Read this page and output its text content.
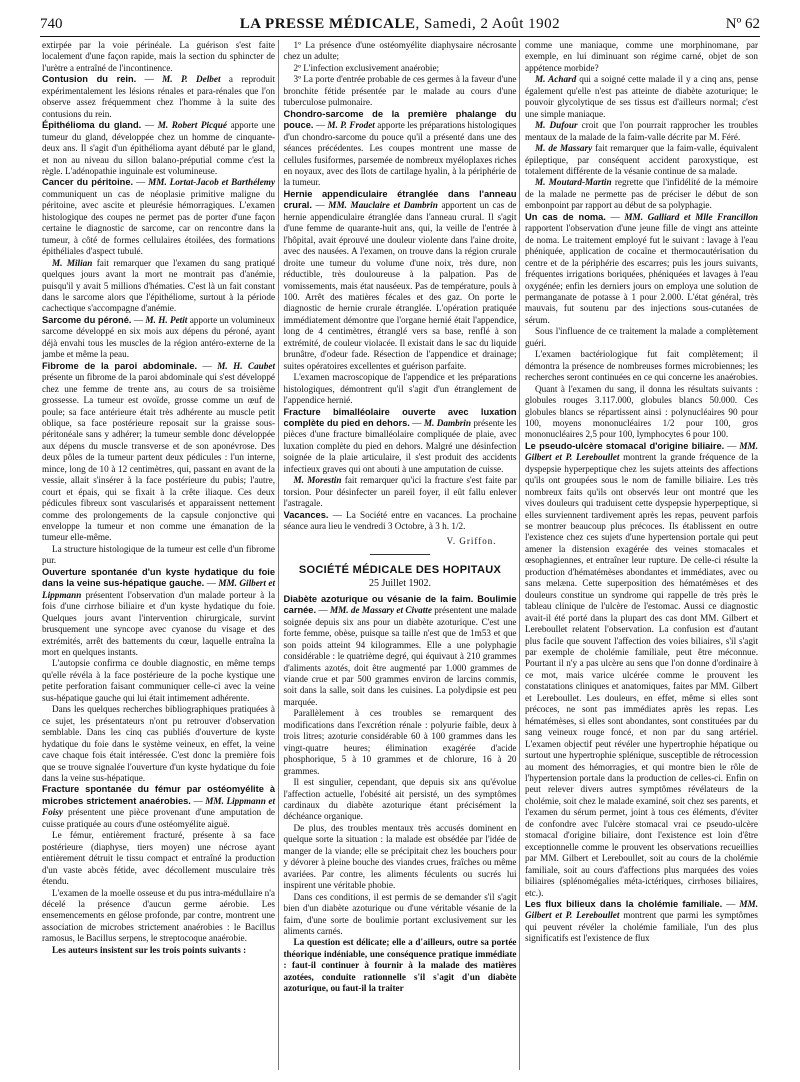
740	LA PRESSE MÉDICALE, Samedi, 2 Août 1902	Nº 62

extirpée par la voie périnéale. La guérison s'est faite localement d'une façon rapide, mais la section du sphincter de l'urètre a entraîné de l'incontinence.

Contusion du rein. — M. P. Delbet a reproduit expérimentalement les lésions rénales et para-rénales que l'on observe assez fréquemment chez l'homme à la suite des contusions du rein.

Épithélioma du gland. — M. Robert Picqué apporte une tumeur du gland, développée chez un homme de cinquante-deux ans. Il s'agit d'un épithélioma ayant débuté par le gland, et non au niveau du sillon balano-préputial comme c'est la règle. L'adénopathie inguinale est volumineuse.

Cancer du péritoine. — MM. Lortat-Jacob et Barthélemy communiquent un cas de néoplasie primitive maligne du péritoine, avec ascite et pleurésie hémorragiques. L'examen histologique des coupes ne permet pas de porter d'une façon certaine le diagnostic de sarcome, car on rencontre dans la tumeur, à côté de formes cellulaires étoilées, des formations épithéliales d'aspect tubulé.

M. Milian fait remarquer que l'examen du sang pratiqué quelques jours avant la mort ne montrait pas d'anémie, puisqu'il y avait 5 millions d'hématies. C'est là un fait constant dans le sarcome alors que l'épithéliome, surtout à la période cachectique s'accompagne d'anémie.

Sarcome du péroné. — M. H. Petit apporte un volumineux sarcome développé en six mois aux dépens du péroné, ayant déjà envahi tous les muscles de la région antéro-externe de la jambe et même la peau.

Fibrome de la paroi abdominale. — M. H. Caubet présente un fibrome de la paroi abdominale qui s'est développé chez une femme de trente ans, au cours de sa troisième grossesse. La tumeur est ovoïde, grosse comme un œuf de poule; sa face antérieure était très adhérente au muscle petit oblique, sa face postérieure reposait sur la graisse sous-péritonéale sans y adhérer; la tumeur semble donc développée aux dépens du muscle transverse et de son aponévrose. Des deux pôles de la tumeur partent deux pédicules : l'un interne, mince, long de 10 à 12 centimètres, qui, passant en avant de la vessie, allait s'insérer à la face postérieure du pubis; l'autre, court et épais, qui se fixait à la crête iliaque. Ces deux pédicules fibreux sont vascularisés et apparaissent nettement comme des prolongements de la capsule conjonctive qui enveloppe la tumeur et non comme une émanation de la tumeur elle-même.

La structure histologique de la tumeur est celle d'un fibrome pur.

Ouverture spontanée d'un kyste hydatique du foie dans la veine sus-hépatique gauche. — MM. Gilbert et Lippmann présentent l'observation d'un malade porteur à la fois d'une cirrhose biliaire et d'un kyste hydatique du foie. Quelques jours avant l'intervention chirurgicale, survint brusquement une syncope avec cyanose du visage et des extrémités, arrêt des battements du cœur, laquelle entraîna la mort en quelques instants.

L'autopsie confirma ce double diagnostic, en même temps qu'elle révéla à la face postérieure de la poche kystique une petite perforation faisant communiquer celle-ci avec la veine sus-hépatique gauche qui lui était intimement adhérente.

Dans les quelques recherches bibliographiques pratiquées à ce sujet, les présentateurs n'ont pu retrouver d'observation semblable. Dans les cinq cas publiés d'ouverture de kyste hydatique du foie dans le système veineux, en effet, la veine cave chaque fois était intéressée. C'est donc la première fois que se trouve signalée l'ouverture d'un kyste hydatique du foie dans la veine sus-hépatique.

Fracture spontanée du fémur par ostéomyélite à microbes strictement anaérobies. — MM. Lippmann et Foisy présentent une pièce provenant d'une amputation de cuisse pratiquée au cours d'une ostéomyélite aiguë.

Le fémur, entièrement fracturé, présente à sa face postérieure (diaphyse, tiers moyen) une nécrose ayant entièrement détruit le tissu compact et entraîné la production d'un vaste abcès fétide, avec décollement musculaire très étendu.

L'examen de la moelle osseuse et du pus intra-médullaire n'a décelé la présence d'aucun germe aérobie. Les ensemencements en gélose profonde, par contre, montrent une association de microbes strictement anaérobies : le Bacillus ramosus, le Bacillus serpens, le streptocoque anaérobie.

Les auteurs insistent sur les trois points suivants :

1º La présence d'une ostéomyélite diaphysaire nécrosante chez un adulte;

2º L'infection exclusivement anaérobie;

3º La porte d'entrée probable de ces germes à la faveur d'une bronchite fétide présentée par le malade au cours d'une tuberculose pulmonaire.

Chondro-sarcome de la première phalange du pouce. — M. P. Frodet apporte les préparations histologiques d'un chondro-sarcome du pouce qu'il a présenté dans une des séances précédentes. Les coupes montrent une masse de cellules fusiformes, parsemée de nombreux myéloplaxes riches en noyaux, avec des îlots de cartilage hyalin, à la périphérie de la tumeur.

Hernie appendiculaire étranglée dans l'anneau crural. — MM. Mauclaire et Dambrin apportent un cas de hernie appendiculaire étranglée dans l'anneau crural. Il s'agit d'une femme de quarante-huit ans, qui, la veille de l'entrée à l'hôpital, avait éprouvé une douleur violente dans l'aine droite, avec des nausées. A l'examen, on trouve dans la région crurale droite une tumeur du volume d'une noix, très dure, non réductible, très douloureuse à la palpation. Pas de vomissements, mais état nauséeux. Pas de température, pouls à 100. Arrêt des matières fécales et des gaz. On porte le diagnostic de hernie crurale étranglée. L'opération pratiquée immédiatement démontre que l'organe hernié était l'appendice, long de 4 centimètres, étranglé vers sa base, renflé à son extrémité, de couleur violacée. Il existait dans le sac du liquide brunâtre, d'odeur fade. Résection de l'appendice et drainage; suites opératoires excellentes et guérison parfaite.

L'examen macroscopique de l'appendice et les préparations histologiques, démontrent qu'il s'agit d'un étranglement de l'appendice hernié.

Fracture bimalléolaire ouverte avec luxation complète du pied en dehors. — M. Dambrin présente les pièces d'une fracture bimalléolaire compliquée de plaie, avec luxation complète du pied en dehors. Malgré une désinfection soignée de la plaie articulaire, il s'est produit des accidents infectieux graves qui ont abouti à une amputation de cuisse.

M. Morestin fait remarquer qu'ici la fracture s'est faite par torsion. Pour désinfecter un pareil foyer, il eût fallu enlever l'astragale.

Vacances. — La Société entre en vacances. La prochaine séance aura lieu le vendredi 3 Octobre, à 3 h. 1/2.

V. Griffon.
SOCIÉTÉ MÉDICALE DES HOPITAUX
25 Juillet 1902.

Diabète azoturique ou vésanie de la faim. Boulimie carnée. — MM. de Massary et Civatte présentent une malade soignée depuis six ans pour un diabète azoturique. C'est une forte femme, obèse, puisque sa taille n'est que de 1m53 et que son poids atteint 94 kilogrammes. Elle a une polyphagie considérable : le quatrième degré, qui équivaut à 210 grammes d'aliments azotés, doit être augmenté par 1.000 grammes de viande crue et par 500 grammes environ de larcins commis, soit dans la salle, soit dans les cuisines. La polydipsie est peu marquée.

Parallèlement à ces troubles se remarquent des modifications dans l'excrétion rénale : polyurie faible, deux à trois litres; azoturie considérable 60 à 100 grammes dans les vingt-quatre heures; élimination exagérée d'acide phosphorique, 5 à 10 grammes et de chlorure, 16 à 20 grammes.

Il est singulier, cependant, que depuis six ans qu'évolue l'affection actuelle, l'obésité ait persisté, un des symptômes cardinaux du diabète azoturique étant précisément la déchéance organique.

De plus, des troubles mentaux très accusés dominent en quelque sorte la situation : la malade est obsédée par l'idée de manger de la viande; elle se précipitait chez les bouchers pour y dévorer à pleine bouche des viandes crues, fraîches ou même avariées. Par contre, les aliments féculents ou sucrés lui inspirent une véritable phobie.

Dans ces conditions, il est permis de se demander s'il s'agit bien d'un diabète azoturique ou d'une véritable vésanie de la faim, d'une sorte de boulimie portant exclusivement sur les aliments carnés.

La question est délicate; elle a d'ailleurs, outre sa portée théorique indéniable, une conséquence pratique immédiate : faut-il continuer à fournir à la malade des matières azotées, conduite rationnelle s'il s'agit d'un diabète azoturique, ou faut-il la traiter

comme une maniaque, comme une morphinomane, par exemple, en lui diminuant son régime carné, objet de son appétence morbide?

M. Achard qui a soigné cette malade il y a cinq ans, pense également qu'elle n'est pas atteinte de diabète azoturique; le pouvoir glycolytique de ses tissus est d'ailleurs normal; c'est une simple maniaque.

M. Dufour croit que l'on pourrait rapprocher les troubles mentaux de la malade de la faim-valle décrite par M. Féré.

M. de Massary fait remarquer que la faim-valle, équivalent épileptique, par conséquent accident paroxystique, est totalement différente de la vésanie continue de sa malade.

M. Moutard-Martin regrette que l'infidélité de la mémoire de la malade ne permette pas de préciser le début de son embonpoint par rapport au début de sa polyphagie.

Un cas de noma. — MM. Galliard et Mlle Francillon rapportent l'observation d'une jeune fille de vingt ans atteinte de noma. Le traitement employé fut le suivant : lavage à l'eau phéniquée, application de cocaïne et thermocautérisation du centre et de la périphérie des escarres; puis les jours suivants, fréquentes irrigations boriquées, phéniquées et lavages à l'eau oxygénée; enfin les derniers jours on employa une solution de permanganate de potasse à 1 pour 2.000. L'état général, très mauvais, fut soutenu par des injections sous-cutanées de sérum.

Sous l'influence de ce traitement la malade a complètement guéri.

L'examen bactériologique fut fait complètement; il démontra la présence de nombreuses formes microbiennes; les recherches seront continuées en ce qui concerne les anaérobies.

Quant à l'examen du sang, il donna les résultats suivants : globules rouges 3.117.000, globules blancs 50.000. Ces globules blancs se répartissent ainsi : polynucléaires 90 pour 100, moyens mononucléaires 1/2 pour 100, gros mononucléaires 2,5 pour 100, lymphocytes 6 pour 100.

Le pseudo-ulcère stomacal d'origine biliaire. — MM. Gilbert et P. Lereboullet montrent la grande fréquence de la dyspepsie hyperpeptique chez les sujets atteints des affections qu'ils ont groupées sous le nom de famille biliaire. Les très nombreux faits qu'ils ont observés leur ont montré que les vives douleurs qui traduisent cette dyspepsie hyperpeptique, si elles surviennent tardivement après les repas, peuvent parfois se montrer beaucoup plus précoces. Ils établissent en outre l'existence chez ces sujets d'une hypertension portale qui peut amener la distension exagérée des veines stomacales et œsophagiennes, et entraîner leur rupture. De celle-ci résulte la production d'hématémèses abondantes et immédiates, avec ou sans melæna. Cette superposition des hématémèses et des douleurs constitue un syndrome qui rappelle de très près le tableau clinique de l'ulcère de l'estomac. Aussi ce diagnostic avait-il été porté dans la plupart des cas dont MM. Gilbert et Lereboullet relatent l'observation. La confusion est d'autant plus facile que souvent l'affection des voies biliaires, s'il s'agit par exemple de cholémie familiale, peut être méconnue. Pourtant il n'y a pas ulcère au sens que l'on donne d'ordinaire à ce mot, mais varice ulcérée comme le prouvent les constatations cliniques et anatomiques, faites par MM. Gilbert et Lereboullet. Les douleurs, en effet, même si elles sont précoces, ne sont pas immédiates après les repas. Les hématémèses, si elles sont abondantes, sont constituées par du sang veineux rouge foncé, et non par du sang artériel. L'examen objectif peut révéler une hypertrophie hépatique ou surtout une hypertrophie splénique, susceptible de rétrocession au moment des hémorragies, et qui montre bien le rôle de l'hypertension portale dans la production de celles-ci. Enfin on peut relever divers autres symptômes révélateurs de la cholémie, soit chez le malade examiné, soit chez ses parents, et l'examen du sérum permet, joint à tous ces éléments, d'éviter de confondre avec l'ulcère stomacal vrai ce pseudo-ulcère stomacal d'origine biliaire, dont l'existence est loin d'être exceptionnelle comme le prouvent les observations recueillies par MM. Gilbert et Lereboullet, soit au cours de la cholémie familiale, soit au cours d'affections plus marquées des voies biliaires (splénomégalies méta-ictériques, cirrhoses biliaires, etc.).

Les flux bilieux dans la cholémie familiale. — MM. Gilbert et P. Lereboullet montrent que parmi les symptômes qui peuvent révéler la cholémie familiale, l'un des plus significatifs est l'existence de flux
